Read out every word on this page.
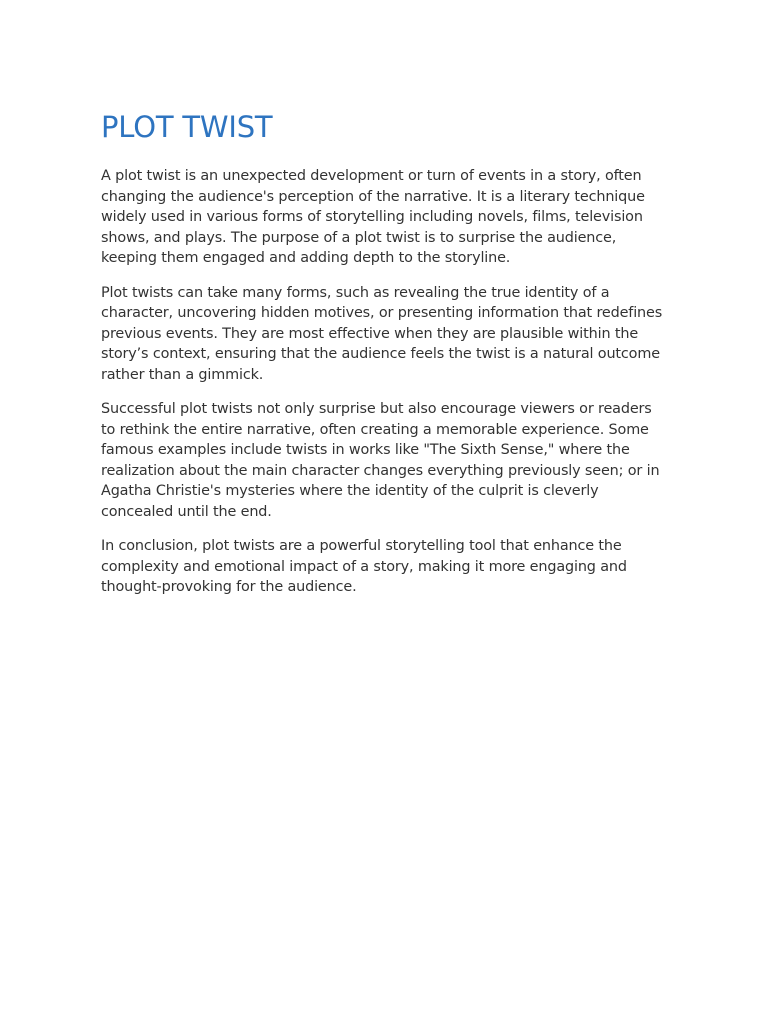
PLOT TWIST

A plot twist is an unexpected development or turn of events in a story, often changing the audience's perception of the narrative. It is a literary technique widely used in various forms of storytelling including novels, films, television shows, and plays. The purpose of a plot twist is to surprise the audience, keeping them engaged and adding depth to the storyline.

Plot twists can take many forms, such as revealing the true identity of a character, uncovering hidden motives, or presenting information that redefines previous events. They are most effective when they are plausible within the story’s context, ensuring that the audience feels the twist is a natural outcome rather than a gimmick.

Successful plot twists not only surprise but also encourage viewers or readers to rethink the entire narrative, often creating a memorable experience. Some famous examples include twists in works like "The Sixth Sense," where the realization about the main character changes everything previously seen; or in Agatha Christie's mysteries where the identity of the culprit is cleverly concealed until the end.

In conclusion, plot twists are a powerful storytelling tool that enhance the complexity and emotional impact of a story, making it more engaging and thought-provoking for the audience.
